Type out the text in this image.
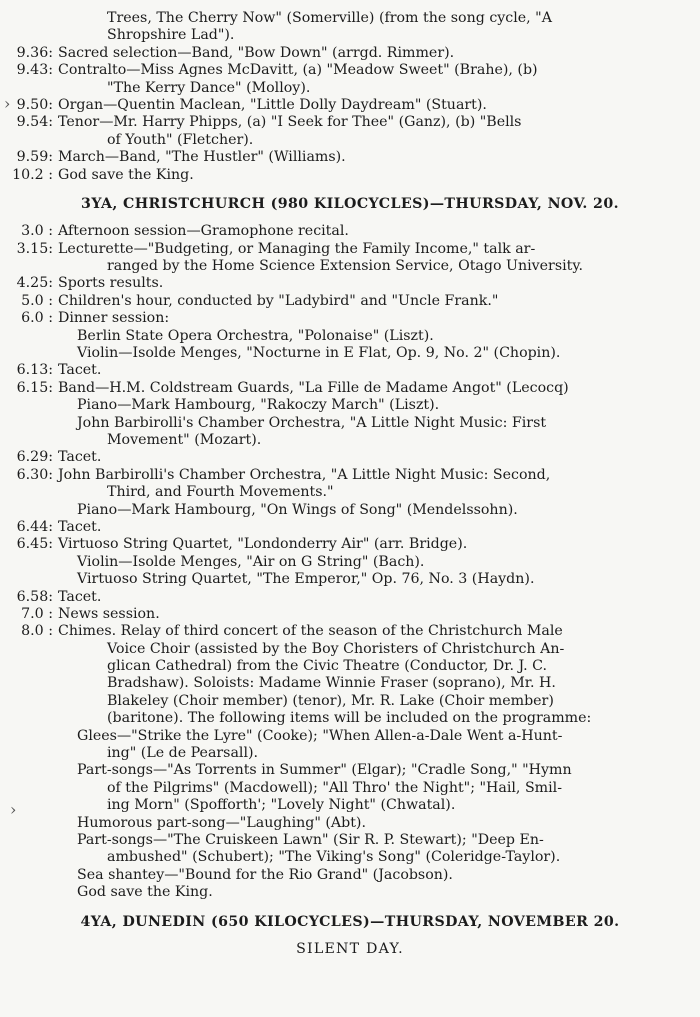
Trees, The Cherry Now" (Somerville) (from the song cycle, "A
Shropshire Lad").
9.36: Sacred selection—Band, "Bow Down" (arrgd. Rimmer).
9.43: Contralto—Miss Agnes McDavitt, (a) "Meadow Sweet" (Brahe), (b)
"The Kerry Dance" (Molloy).
9.50: Organ—Quentin Maclean, "Little Dolly Daydream" (Stuart).
9.54: Tenor—Mr. Harry Phipps, (a) "I Seek for Thee" (Ganz), (b) "Bells
of Youth" (Fletcher).
9.59: March—Band, "The Hustler" (Williams).
10.2 : God save the King.
3YA, CHRISTCHURCH (980 KILOCYCLES)—THURSDAY, NOV. 20.
3.0 : Afternoon session—Gramophone recital.
3.15: Lecturette—"Budgeting, or Managing the Family Income," talk ar-
ranged by the Home Science Extension Service, Otago University.
4.25: Sports results.
5.0 : Children's hour, conducted by "Ladybird" and "Uncle Frank."
6.0 : Dinner session:
Berlin State Opera Orchestra, "Polonaise" (Liszt).
Violin—Isolde Menges, "Nocturne in E Flat, Op. 9, No. 2" (Chopin).
6.13: Tacet.
6.15: Band—H.M. Coldstream Guards, "La Fille de Madame Angot" (Lecocq)
Piano—Mark Hambourg, "Rakoczy March" (Liszt).
John Barbirolli's Chamber Orchestra, "A Little Night Music: First
Movement" (Mozart).
6.29: Tacet.
6.30: John Barbirolli's Chamber Orchestra, "A Little Night Music: Second,
Third, and Fourth Movements."
Piano—Mark Hambourg, "On Wings of Song" (Mendelssohn).
6.44: Tacet.
6.45: Virtuoso String Quartet, "Londonderry Air" (arr. Bridge).
Violin—Isolde Menges, "Air on G String" (Bach).
Virtuoso String Quartet, "The Emperor," Op. 76, No. 3 (Haydn).
6.58: Tacet.
7.0 : News session.
8.0 : Chimes. Relay of third concert of the season of the Christchurch Male
Voice Choir (assisted by the Boy Choristers of Christchurch An-
glican Cathedral) from the Civic Theatre (Conductor, Dr. J. C.
Bradshaw). Soloists: Madame Winnie Fraser (soprano), Mr. H.
Blakeley (Choir member) (tenor), Mr. R. Lake (Choir member)
(baritone). The following items will be included on the programme:
Glees—"Strike the Lyre" (Cooke); "When Allen-a-Dale Went a-Hunt-
ing" (Le de Pearsall).
Part-songs—"As Torrents in Summer" (Elgar); "Cradle Song," "Hymn
of the Pilgrims" (Macdowell); "All Thro' the Night"; "Hail, Smil-
ing Morn" (Spofforth'; "Lovely Night" (Chwatal).
Humorous part-song—"Laughing" (Abt).
Part-songs—"The Cruiskeen Lawn" (Sir R. P. Stewart); "Deep En-
ambushed" (Schubert); "The Viking's Song" (Coleridge-Taylor).
Sea shantey—"Bound for the Rio Grand" (Jacobson).
God save the King.
4YA, DUNEDIN (650 KILOCYCLES)—THURSDAY, NOVEMBER 20.
SILENT DAY.
›
›
